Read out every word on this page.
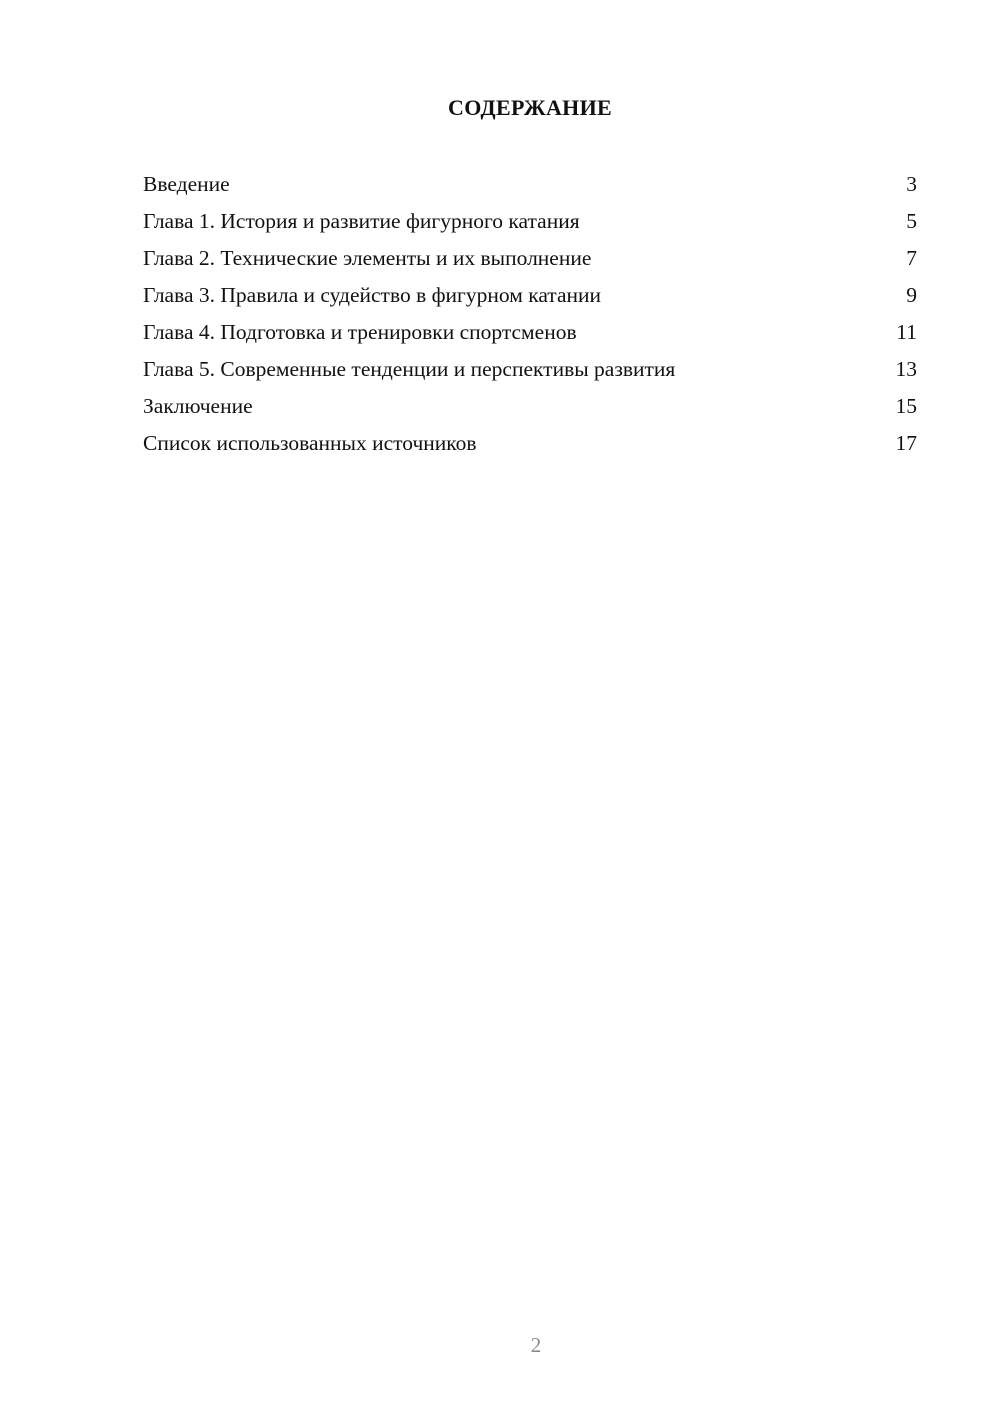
СОДЕРЖАНИЕ
Введение	3
Глава 1. История и развитие фигурного катания	5
Глава 2. Технические элементы и их выполнение	7
Глава 3. Правила и судейство в фигурном катании	9
Глава 4. Подготовка и тренировки спортсменов	11
Глава 5. Современные тенденции и перспективы развития	13
Заключение	15
Список использованных источников	17
2
